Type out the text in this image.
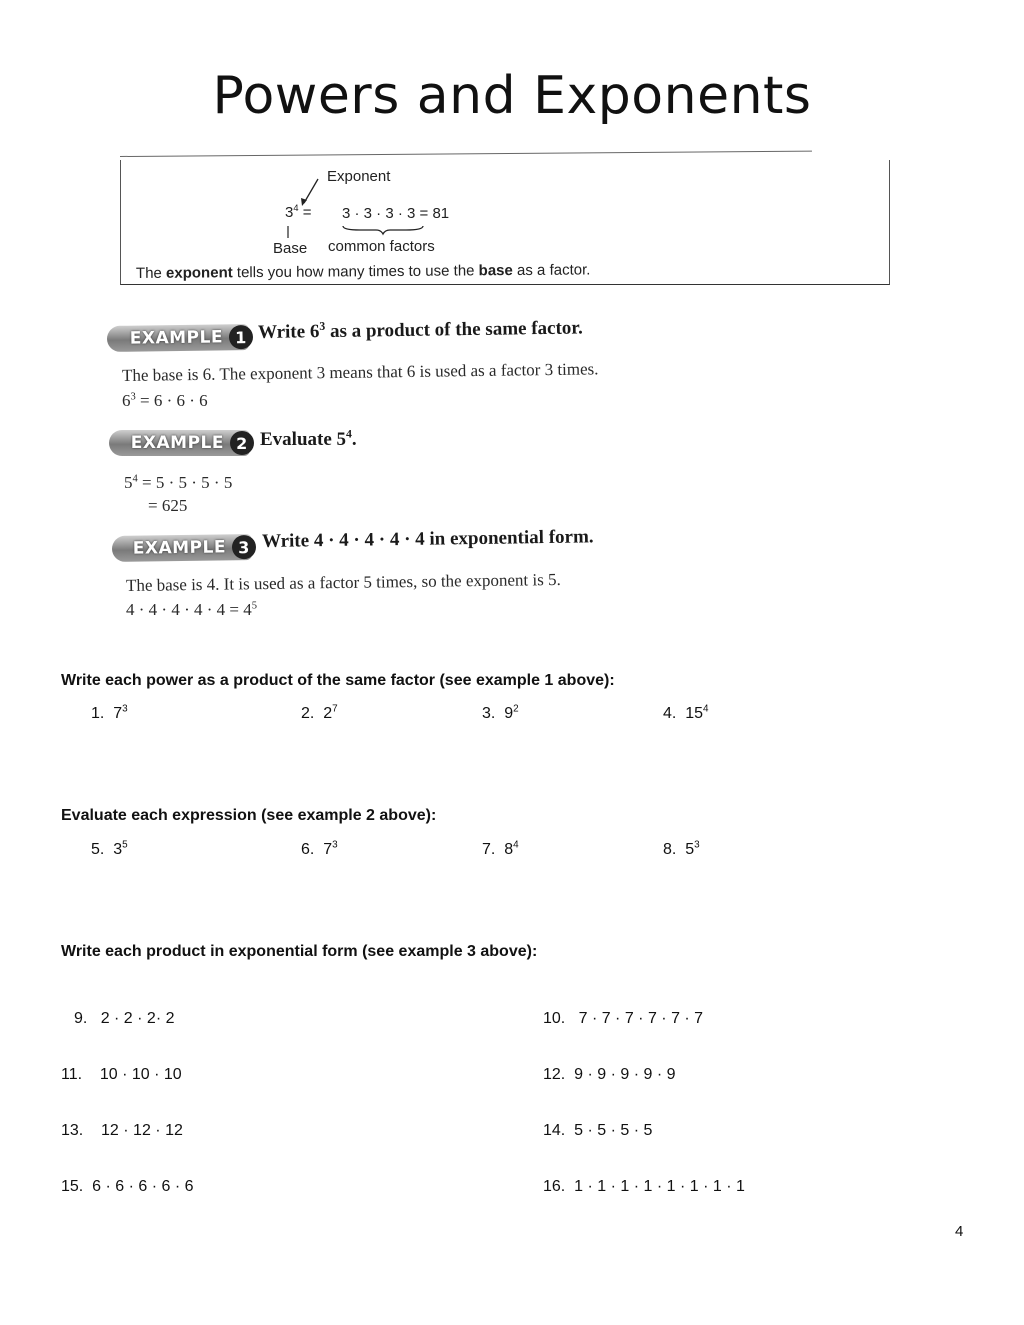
Powers and Exponents
Exponent
$3^4 = 3 \cdot 3 \cdot 3 \cdot 3 = 81$
Base common factors
The exponent tells you how many times to use the base as a factor.
EXAMPLE 1 Write $6^3$ as a product of the same factor.
The base is 6. The exponent 3 means that 6 is used as a factor 3 times.
$6^3 = 6 \cdot 6 \cdot 6$
EXAMPLE 2 Evaluate $5^4$.
$5^4 = 5 \cdot 5 \cdot 5 \cdot 5$
= 625
EXAMPLE 3 Write 4 · 4 · 4 · 4 · 4 in exponential form.
The base is 4. It is used as a factor 5 times, so the exponent is 5.
$4 \cdot 4 \cdot 4 \cdot 4 \cdot 4 = 4^5$
Write each power as a product of the same factor (see example 1 above):
1. $7^3$	2. $2^7$	3. $9^2$	4. $15^4$
Evaluate each expression (see example 2 above):
5. $3^5$	6. $7^3$	7. $8^4$	8. $5^3$
Write each product in exponential form (see example 3 above):
9. 2 · 2 · 2· 2	10. 7 · 7 · 7 · 7 · 7 · 7
11. 10 · 10 · 10	12. 9 · 9 · 9 · 9 · 9
13. 12 · 12 · 12	14. 5 · 5 · 5 · 5
15. 6 · 6 · 6 · 6 · 6	16. 1 · 1 · 1 · 1 · 1 · 1 · 1 · 1
4
